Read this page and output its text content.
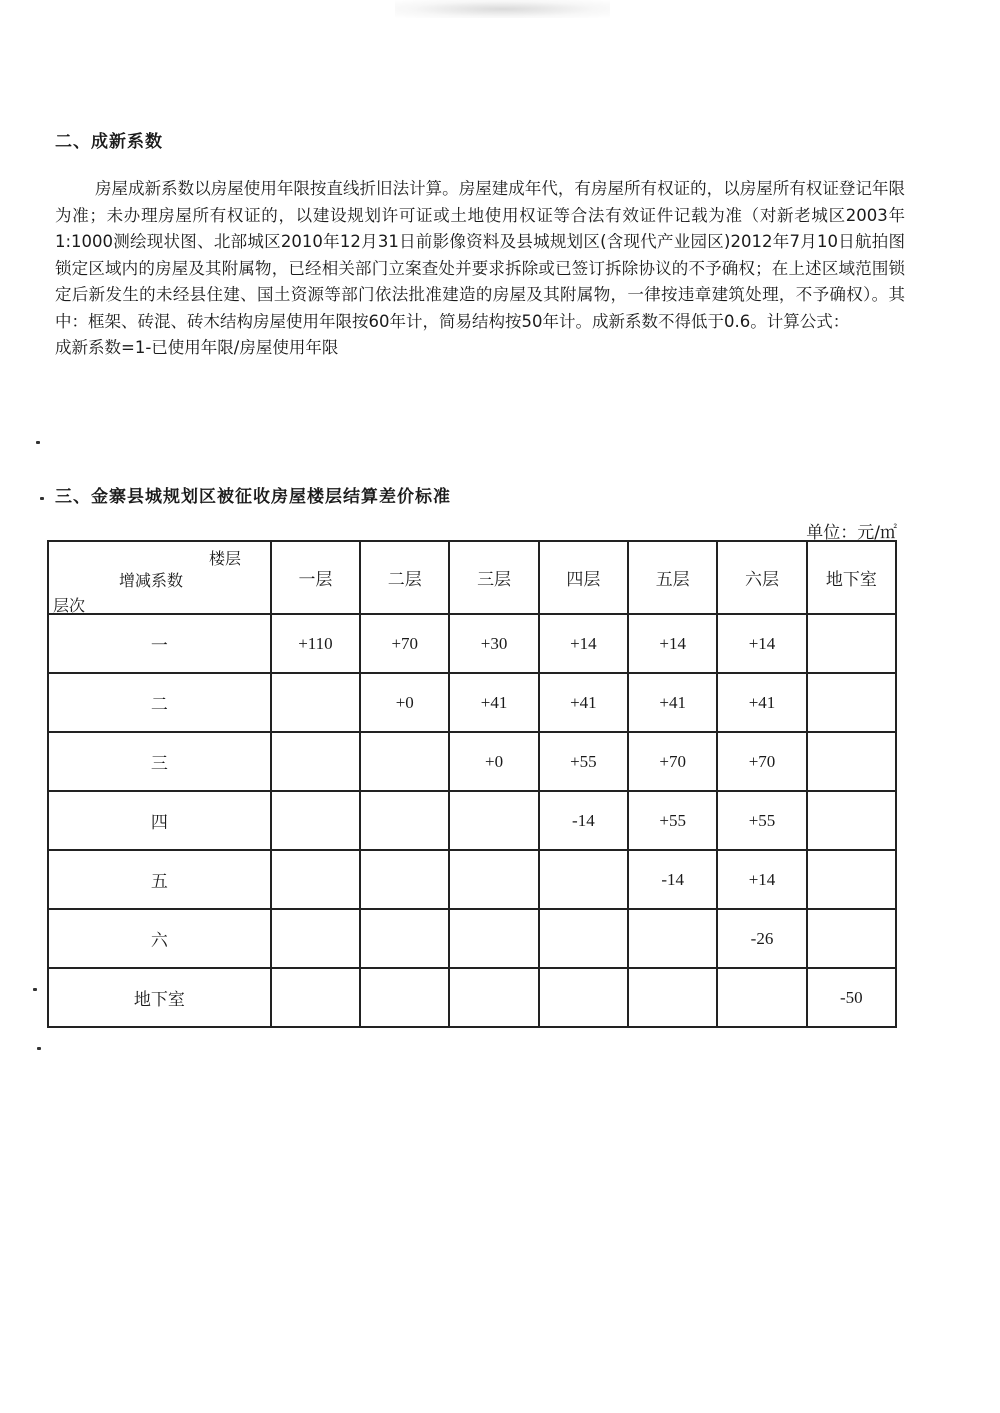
二、成新系数
房屋成新系数以房屋使用年限按直线折旧法计算。房屋建成年代，有房屋所有权证的，以房屋所有权证登记年限为准；未办理房屋所有权证的，以建设规划许可证或土地使用权证等合法有效证件记载为准（对新老城区2003年1:1000测绘现状图、北部城区2010年12月31日前影像资料及县城规划区(含现代产业园区)2012年7月10日航拍图锁定区域内的房屋及其附属物，已经相关部门立案查处并要求拆除或已签订拆除协议的不予确权；在上述区域范围锁定后新发生的未经县住建、国土资源等部门依法批准建造的房屋及其附属物，一律按违章建筑处理，不予确权）。其中：框架、砖混、砖木结构房屋使用年限按60年计，简易结构按50年计。成新系数不得低于0.6。计算公式：
成新系数=1-已使用年限/房屋使用年限
三、金寨县城规划区被征收房屋楼层结算差价标准
单位：元/㎡
楼层
增减系数
层次	一层	二层	三层	四层	五层	六层	地下室
一	+110	+70	+30	+14	+14	+14	
二		+0	+41	+41	+41	+41	
三			+0	+55	+70	+70	
四				-14	+55	+55	
五					-14	+14	
六						-26	
地下室							-50
